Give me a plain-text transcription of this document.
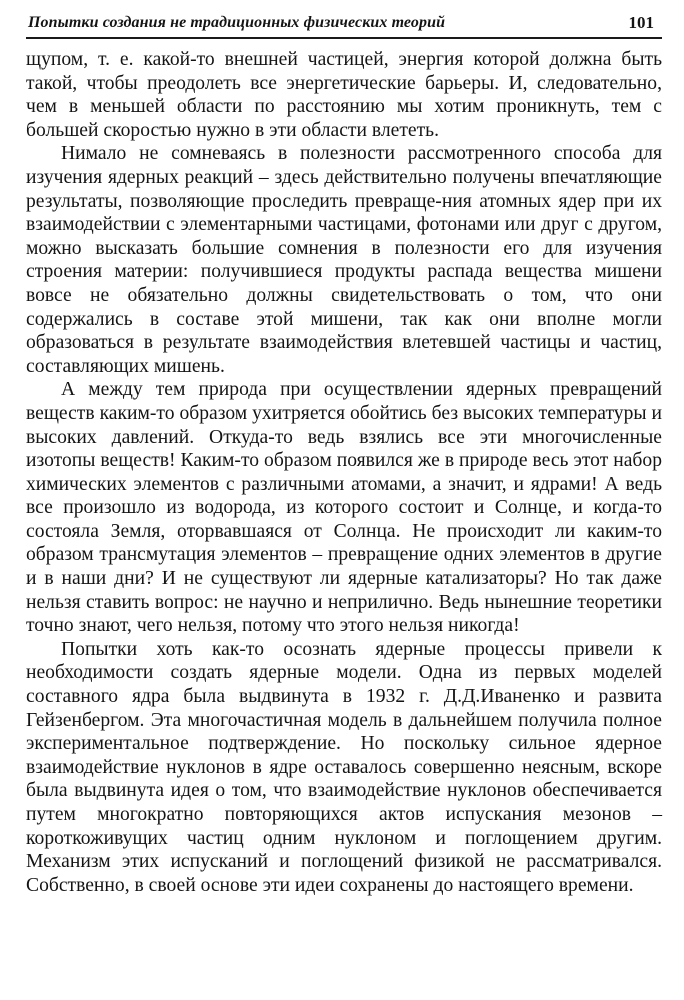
Попытки создания не традиционных физических теорий	101

щупом, т. е. какой-то внешней частицей, энергия которой должна быть такой, чтобы преодолеть все энергетические барьеры. И, следовательно, чем в меньшей области по расстоянию мы хотим проникнуть, тем с большей скоростью нужно в эти области влететь.

Нимало не сомневаясь в полезности рассмотренного способа для изучения ядерных реакций – здесь действительно получены впечатляющие результаты, позволяющие проследить превраще-ния атомных ядер при их взаимодействии с элементарными частицами, фотонами или друг с другом, можно высказать большие сомнения в полезности его для изучения строения материи: получившиеся продукты распада вещества мишени вовсе не обязательно должны свидетельствовать о том, что они содержались в составе этой мишени, так как они вполне могли образоваться в результате взаимодействия влетевшей частицы и частиц, составляющих мишень.

А между тем природа при осуществлении ядерных превращений веществ каким-то образом ухитряется обойтись без высоких температуры и высоких давлений. Откуда-то ведь взялись все эти многочисленные изотопы веществ! Каким-то образом появился же в природе весь этот набор химических элементов с различными атомами, а значит, и ядрами! А ведь все произошло из водорода, из которого состоит и Солнце, и когда-то состояла Земля, оторвавшаяся от Солнца. Не происходит ли каким-то образом трансмутация элементов – превращение одних элементов в другие и в наши дни? И не существуют ли ядерные катализаторы? Но так даже нельзя ставить вопрос: не научно и неприлично. Ведь нынешние теоретики точно знают, чего нельзя, потому что этого нельзя никогда!

Попытки хоть как-то осознать ядерные процессы привели к необходимости создать ядерные модели. Одна из первых моделей составного ядра была выдвинута в 1932 г. Д.Д.Иваненко и развита Гейзенбергом. Эта многочастичная модель в дальнейшем получила полное экспериментальное подтверждение. Но поскольку сильное ядерное взаимодействие нуклонов в ядре оставалось совершенно неясным, вскоре была выдвинута идея о том, что взаимодействие нуклонов обеспечивается путем многократно повторяющихся актов испускания мезонов – короткоживущих частиц одним нуклоном и поглощением другим. Механизм этих испусканий и поглощений физикой не рассматривался. Собственно, в своей основе эти идеи сохранены до настоящего времени.
